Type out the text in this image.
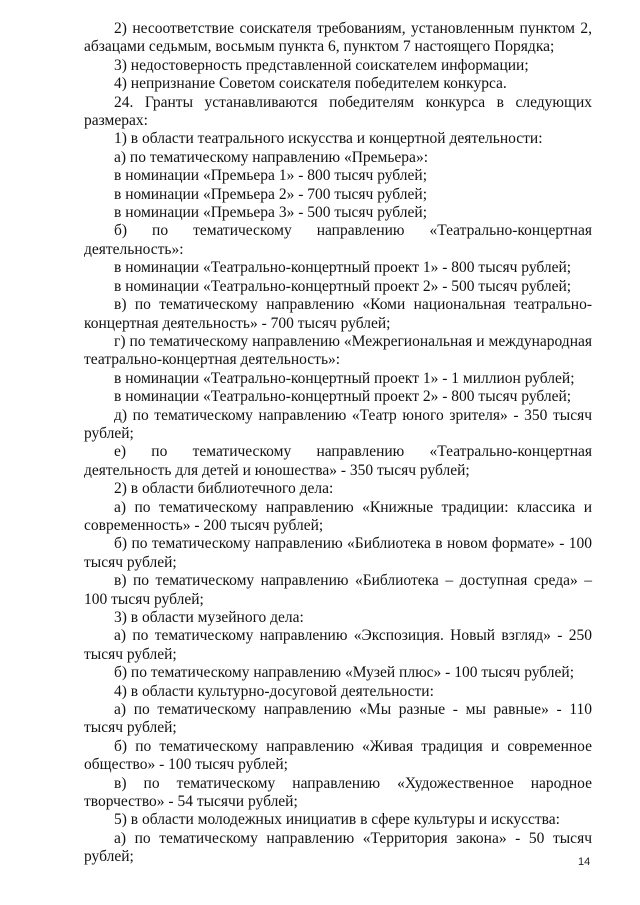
2) несоответствие соискателя требованиям, установленным пунктом 2, абзацами седьмым, восьмым пункта 6, пунктом 7 настоящего Порядка;

3) недостоверность представленной соискателем информации;

4) непризнание Советом соискателя победителем конкурса.

24. Гранты устанавливаются победителям конкурса в следующих размерах:

1) в области театрального искусства и концертной деятельности:

а) по тематическому направлению «Премьера»:

в номинации «Премьера 1» - 800 тысяч рублей;

в номинации «Премьера 2» - 700 тысяч рублей;

в номинации «Премьера 3» - 500 тысяч рублей;

б) по тематическому направлению «Театрально-концертная деятельность»:

в номинации «Театрально-концертный проект 1» - 800 тысяч рублей;

в номинации «Театрально-концертный проект 2» - 500 тысяч рублей;

в) по тематическому направлению «Коми национальная театрально-концертная деятельность» - 700 тысяч рублей;

г) по тематическому направлению «Межрегиональная и международная театрально-концертная деятельность»:

в номинации «Театрально-концертный проект 1» - 1 миллион рублей;

в номинации «Театрально-концертный проект 2» - 800 тысяч рублей;

д) по тематическому направлению «Театр юного зрителя» - 350 тысяч рублей;

е) по тематическому направлению «Театрально-концертная деятельность для детей и юношества» - 350 тысяч рублей;

2) в области библиотечного дела:

а) по тематическому направлению «Книжные традиции: классика и современность» - 200 тысяч рублей;

б) по тематическому направлению «Библиотека в новом формате» - 100 тысяч рублей;

в) по тематическому направлению «Библиотека – доступная среда» – 100 тысяч рублей;

3) в области музейного дела:

а) по тематическому направлению «Экспозиция. Новый взгляд» - 250 тысяч рублей;

б) по тематическому направлению «Музей плюс» - 100 тысяч рублей;

4) в области культурно-досуговой деятельности:

а) по тематическому направлению «Мы разные - мы равные» - 110 тысяч рублей;

б) по тематическому направлению «Живая традиция и современное общество» - 100 тысяч рублей;

в) по тематическому направлению «Художественное народное творчество» - 54 тысячи рублей;

5) в области молодежных инициатив в сфере культуры и искусства:

а) по тематическому направлению «Территория закона» - 50 тысяч рублей;	14
